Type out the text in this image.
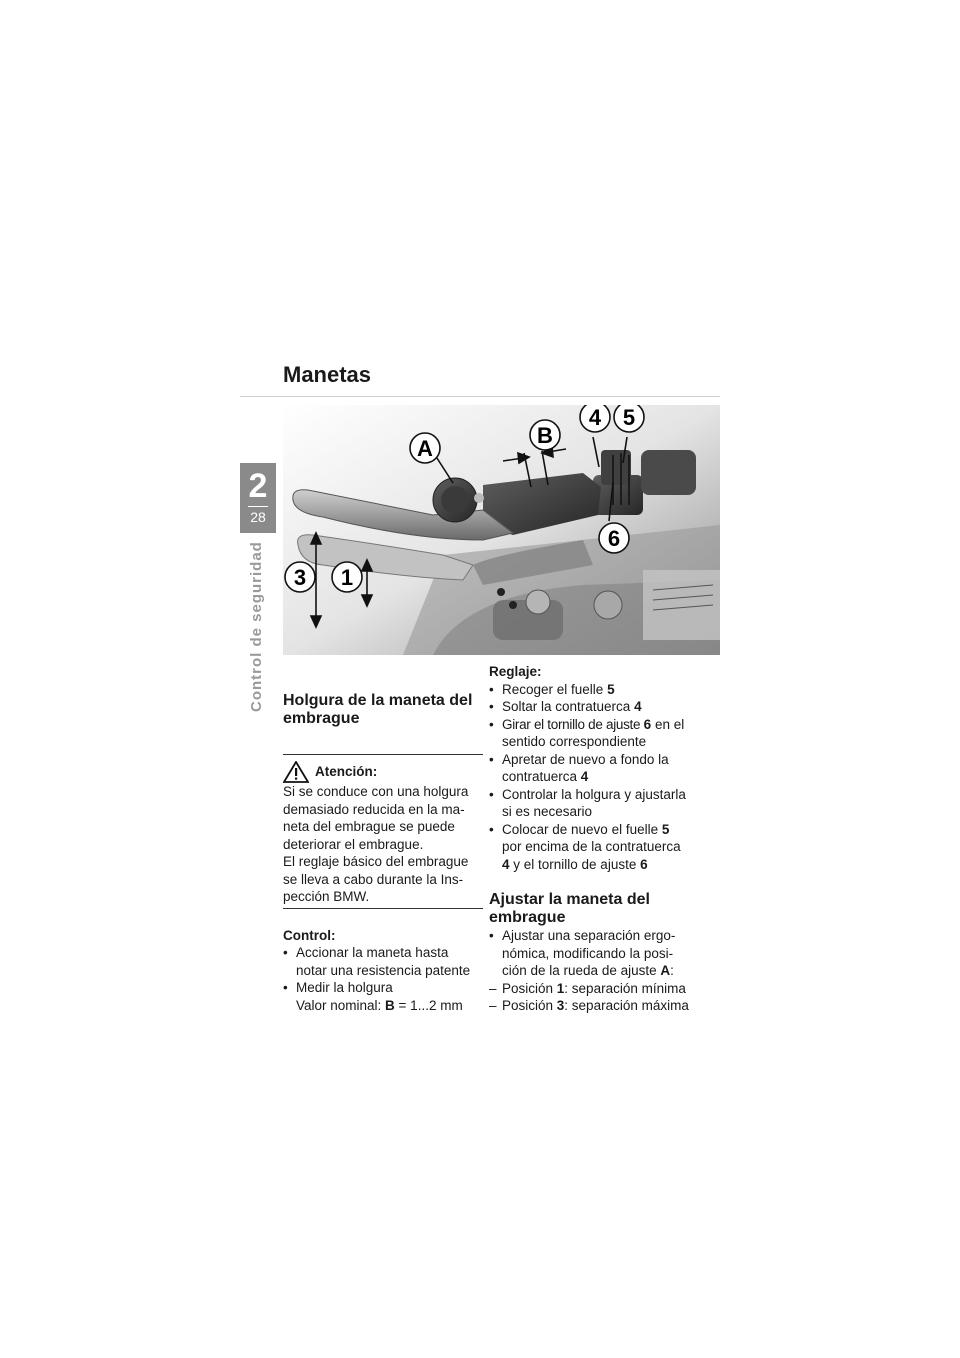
2
28
Control de seguridad
Manetas
A
B
4 5
6
3 1
Holgura de la maneta del embrague
Atención:
Si se conduce con una holgura
demasiado reducida en la ma-
neta del embrague se puede
deteriorar el embrague.
El reglaje básico del embrague
se lleva a cabo durante la Ins-
pección BMW.
Control:
• Accionar la maneta hasta
notar una resistencia patente
• Medir la holgura
Valor nominal: B = 1...2 mm
Reglaje:
• Recoger el fuelle 5
• Soltar la contratuerca 4
• Girar el tornillo de ajuste 6 en el
sentido correspondiente
• Apretar de nuevo a fondo la
contratuerca 4
• Controlar la holgura y ajustarla
si es necesario
• Colocar de nuevo el fuelle 5
por encima de la contratuerca
4 y el tornillo de ajuste 6
Ajustar la maneta del embrague
• Ajustar una separación ergo-
nómica, modificando la posi-
ción de la rueda de ajuste A:
– Posición 1: separación mínima
– Posición 3: separación máxima
